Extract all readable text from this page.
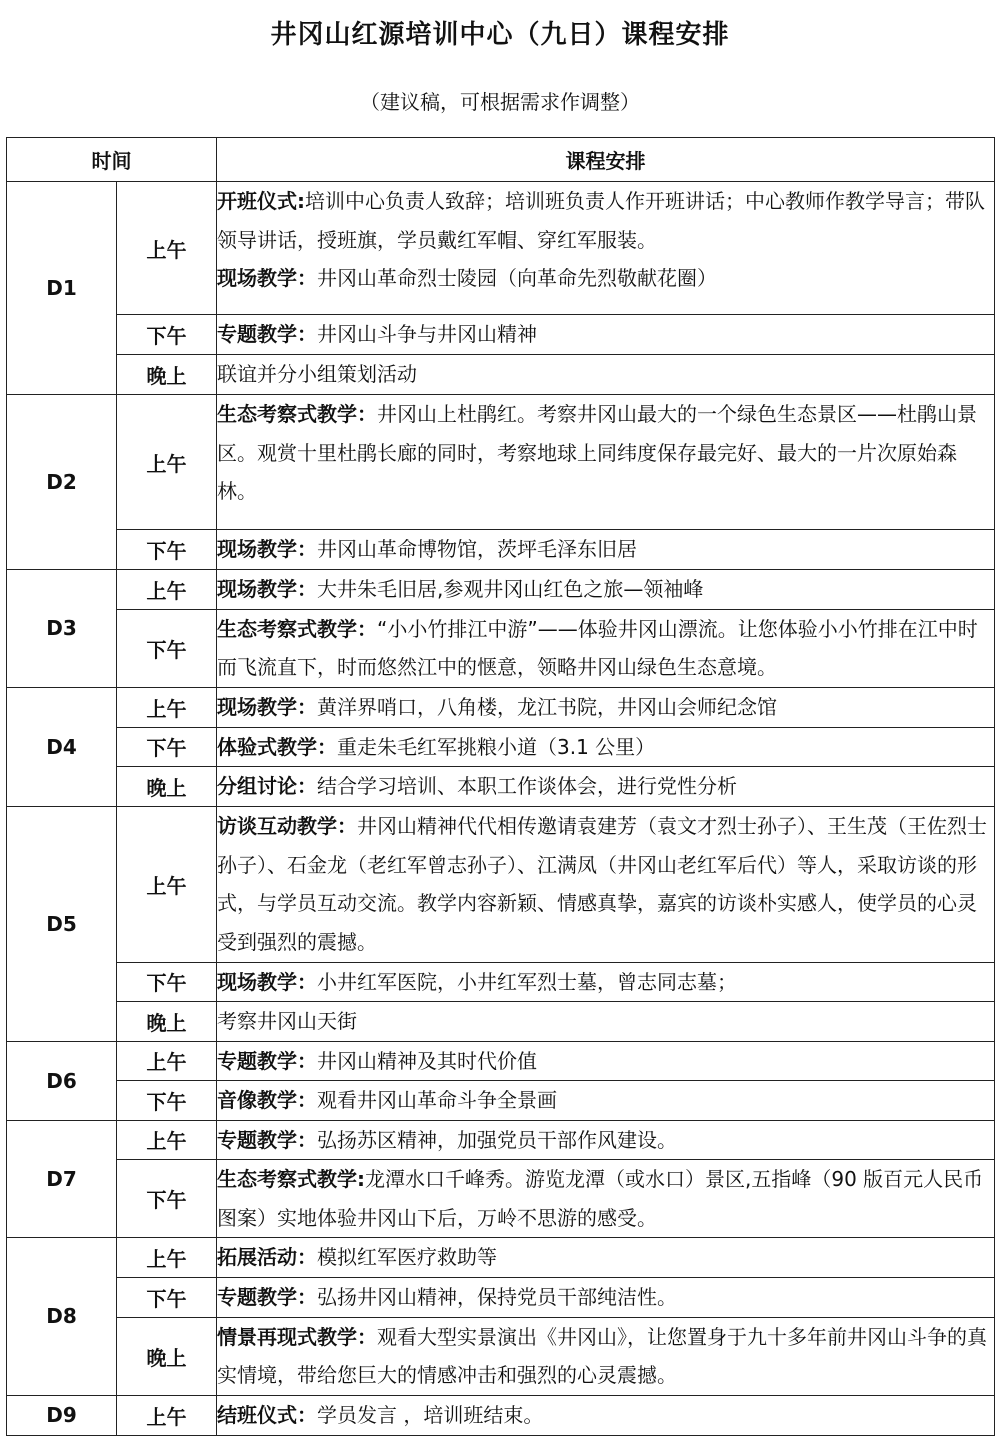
井冈山红源培训中心（九日）课程安排
（建议稿，可根据需求作调整）
时间		课程安排
D1	上午	开班仪式:培训中心负责人致辞；培训班负责人作开班讲话；中心教师作教学导言；带队领导讲话，授班旗，学员戴红军帽、穿红军服装。
现场教学：井冈山革命烈士陵园（向革命先烈敬献花圈）

	下午	专题教学：井冈山斗争与井冈山精神

	晚上	联谊并分小组策划活动

D2	上午	生态考察式教学：井冈山上杜鹃红。考察井冈山最大的一个绿色生态景区——杜鹃山景区。观赏十里杜鹃长廊的同时，考察地球上同纬度保存最完好、最大的一片次原始森林。

	下午	现场教学：井冈山革命博物馆，茨坪毛泽东旧居

D3	上午	现场教学：大井朱毛旧居,参观井冈山红色之旅—领袖峰

	下午	生态考察式教学：“小小竹排江中游”——体验井冈山漂流。让您体验小小竹排在江中时而飞流直下，时而悠然江中的惬意，领略井冈山绿色生态意境。

D4	上午	现场教学：黄洋界哨口，八角楼，龙江书院，井冈山会师纪念馆

	下午	体验式教学：重走朱毛红军挑粮小道（3.1 公里）

	晚上	分组讨论：结合学习培训、本职工作谈体会，进行党性分析

D5	上午	访谈互动教学：井冈山精神代代相传邀请袁建芳（袁文才烈士孙子）、王生茂（王佐烈士孙子）、石金龙（老红军曾志孙子）、江满凤（井冈山老红军后代）等人，采取访谈的形式，与学员互动交流。教学内容新颖、情感真挚，嘉宾的访谈朴实感人，使学员的心灵受到强烈的震撼。

	下午	现场教学：小井红军医院，小井红军烈士墓，曾志同志墓；

	晚上	考察井冈山天街

D6	上午	专题教学：井冈山精神及其时代价值

	下午	音像教学：观看井冈山革命斗争全景画

D7	上午	专题教学：弘扬苏区精神，加强党员干部作风建设。

	下午	生态考察式教学:龙潭水口千峰秀。游览龙潭（或水口）景区,五指峰（90 版百元人民币图案）实地体验井冈山下后，万岭不思游的感受。

D8	上午	拓展活动：模拟红军医疗救助等

	下午	专题教学：弘扬井冈山精神，保持党员干部纯洁性。

	晚上	情景再现式教学：观看大型实景演出《井冈山》，让您置身于九十多年前井冈山斗争的真实情境，带给您巨大的情感冲击和强烈的心灵震撼。

D9	上午	结班仪式：学员发言 ，培训班结束。
